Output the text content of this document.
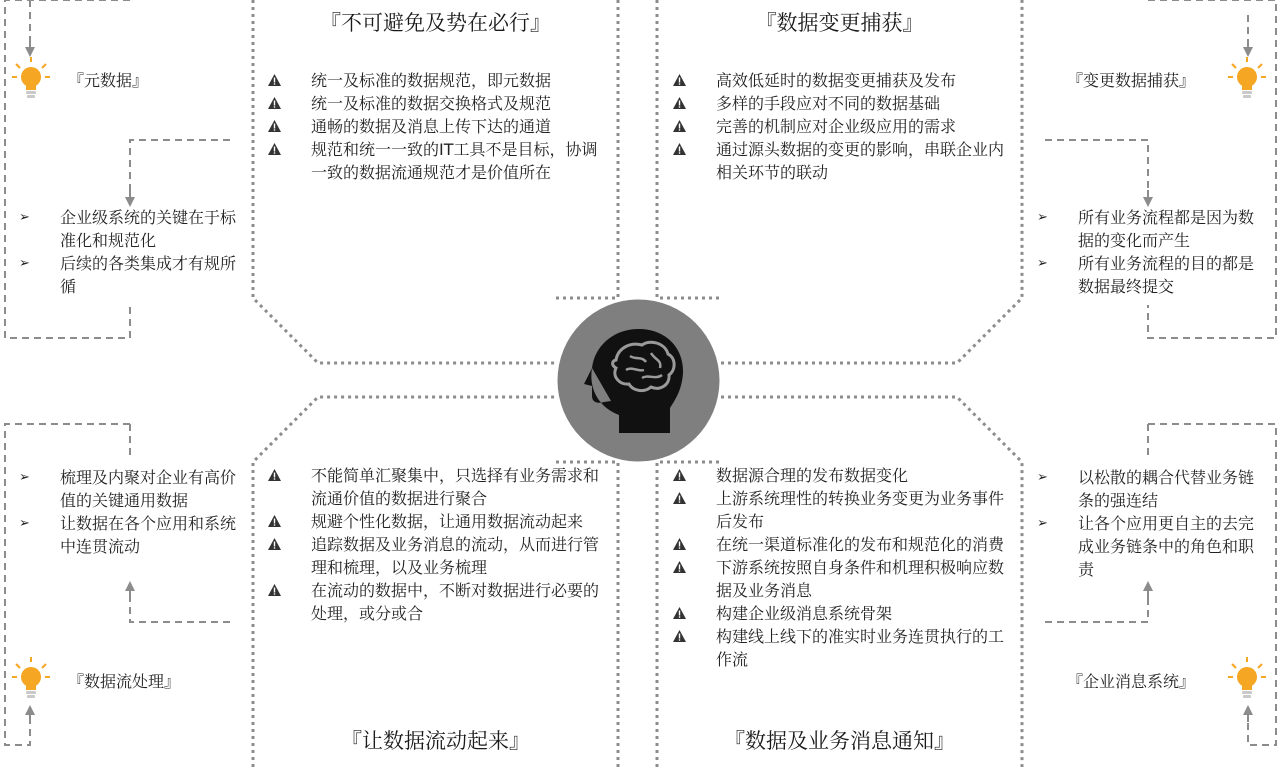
『不可避免及势在必行』	『数据变更捕获』
『让数据流动起来』	『数据及业务消息通知』
统一及标准的数据规范，即元数据
统一及标准的数据交换格式及规范
通畅的数据及消息上传下达的通道
规范和统一一致的IT工具不是目标，协调一致的数据流通规范才是价值所在
高效低延时的数据变更捕获及发布
多样的手段应对不同的数据基础
完善的机制应对企业级应用的需求
通过源头数据的变更的影响，串联企业内相关环节的联动
不能简单汇聚集中，只选择有业务需求和流通价值的数据进行聚合
规避个性化数据，让通用数据流动起来
追踪数据及业务消息的流动，从而进行管理和梳理，以及业务梳理
在流动的数据中，不断对数据进行必要的处理，或分或合
数据源合理的发布数据变化
上游系统理性的转换业务变更为业务事件后发布
在统一渠道标准化的发布和规范化的消费
下游系统按照自身条件和机理积极响应数据及业务消息
构建企业级消息系统骨架
构建线上线下的准实时业务连贯执行的工作流
『元数据』	『变更数据捕获』
『数据流处理』	『企业消息系统』
➢ 企业级系统的关键在于标准化和规范化
➢ 后续的各类集成才有规所循
➢ 所有业务流程都是因为数据的变化而产生
➢ 所有业务流程的目的都是数据最终提交
➢ 梳理及内聚对企业有高价值的关键通用数据
➢ 让数据在各个应用和系统中连贯流动
➢ 以松散的耦合代替业务链条的强连结
➢ 让各个应用更自主的去完成业务链条中的角色和职责
